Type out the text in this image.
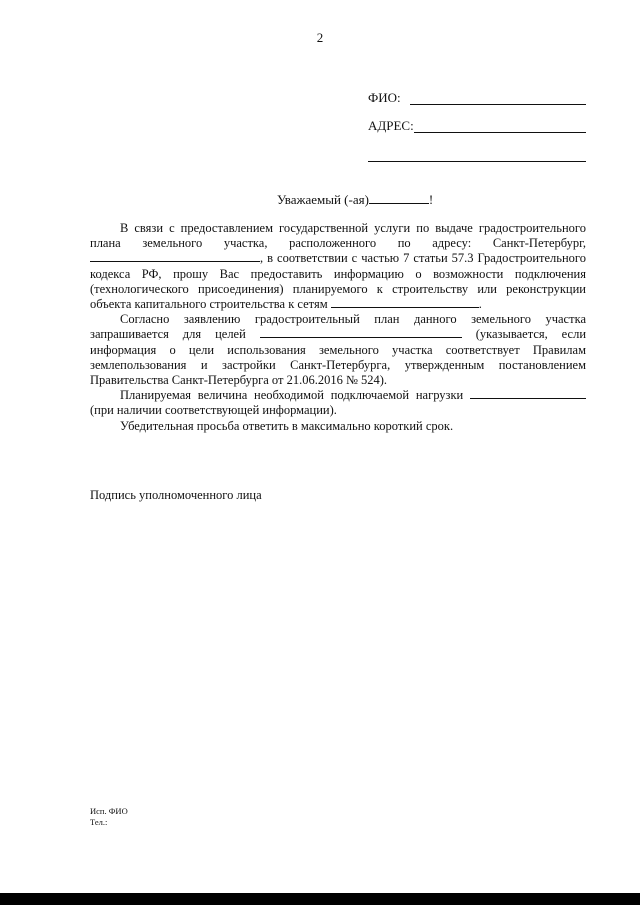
2
ФИО:
АДРЕС:
Уважаемый (-ая)	!

В связи с предоставлением государственной услуги по выдаче градостроительного плана земельного участка, расположенного по адресу: Санкт-Петербург, , в соответствии с частью 7 статьи 57.3 Градостроительного кодекса РФ, прошу Вас предоставить информацию о возможности подключения (технологического присоединения) планируемого к строительству или реконструкции объекта капитального строительства к сетям	.

Согласно заявлению градостроительный план данного земельного участка запрашивается для целей	(указывается, если информация о цели использования земельного участка соответствует Правилам землепользования и застройки Санкт-Петербурга, утвержденным постановлением Правительства Санкт-Петербурга от 21.06.2016 № 524).

Планируемая величина необходимой подключаемой нагрузки (при наличии соответствующей информации).

Убедительная просьба ответить в максимально короткий срок.

Подпись уполномоченного лица
Исп. ФИО
Тел.:
